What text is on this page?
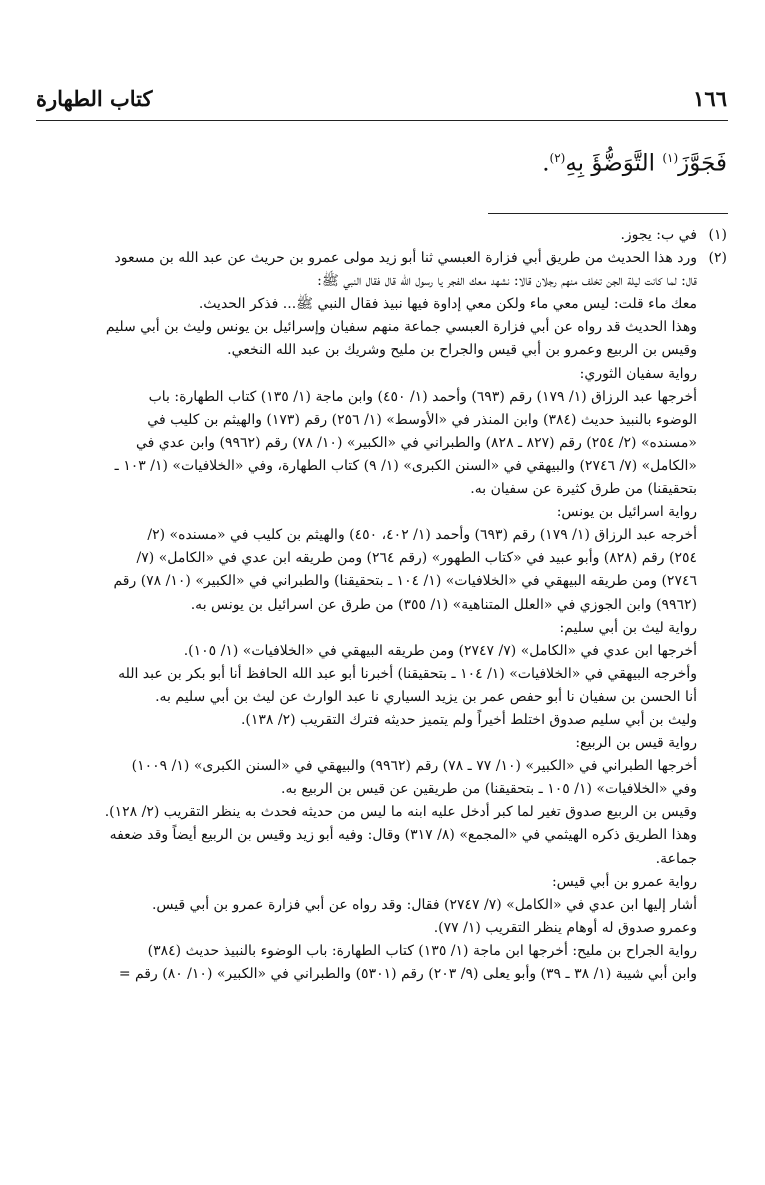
كتاب الطهارة	١٦٦
فَجَوَّزَ$^{(١)}$ التَّوَضُّؤَ بِهِ$^{(٢)}$.
(١)
في ب: يجوز.
(٢)
ورد هذا الحديث من طريق أبي فزارة العبسي ثنا أبو زيد مولى عمرو بن حريث عن عبد الله بن مسعود
قال: لما كانت ليلة الجن تخلف منهم رجلان قالا: نشهد معك الفجر يا رسول الله قال فقال النبي ﷺ:
معك ماء قلت: ليس معي ماء ولكن معي إداوة فيها نبيذ فقال النبي ﷺ... فذكر الحديث.
وهذا الحديث قد رواه عن أبي فزارة العبسي جماعة منهم سفيان وإسرائيل بن يونس وليث بن أبي سليم
وقيس بن الربيع وعمرو بن أبي قيس والجراح بن مليح وشريك بن عبد الله النخعي.
رواية سفيان الثوري:
أخرجها عبد الرزاق (١/ ١٧٩) رقم (٦٩٣) وأحمد (١/ ٤٥٠) وابن ماجة (١/ ١٣٥) كتاب الطهارة: باب
الوضوء بالنبيذ حديث (٣٨٤) وابن المنذر في «الأوسط» (١/ ٢٥٦) رقم (١٧٣) والهيثم بن كليب في
«مسنده» (٢/ ٢٥٤) رقم (٨٢٧ ـ ٨٢٨) والطبراني في «الكبير» (١٠/ ٧٨) رقم (٩٩٦٢) وابن عدي في
«الكامل» (٧/ ٢٧٤٦) والبيهقي في «السنن الكبرى» (١/ ٩) كتاب الطهارة، وفي «الخلافيات» (١/ ١٠٣ ـ
بتحقيقنا) من طرق كثيرة عن سفيان به.
رواية اسرائيل بن يونس:
أخرجه عبد الرزاق (١/ ١٧٩) رقم (٦٩٣) وأحمد (١/ ٤٠٢، ٤٥٠) والهيثم بن كليب في «مسنده» (٢/
٢٥٤) رقم (٨٢٨) وأبو عبيد في «كتاب الطهور» (رقم ٢٦٤) ومن طريقه ابن عدي في «الكامل» (٧/
٢٧٤٦) ومن طريقه البيهقي في «الخلافيات» (١/ ١٠٤ ـ بتحقيقنا) والطبراني في «الكبير» (١٠/ ٧٨) رقم
(٩٩٦٢) وابن الجوزي في «العلل المتناهية» (١/ ٣٥٥) من طرق عن اسرائيل بن يونس به.
رواية ليث بن أبي سليم:
أخرجها ابن عدي في «الكامل» (٧/ ٢٧٤٧) ومن طريقه البيهقي في «الخلافيات» (١/ ١٠٥).
وأخرجه البيهقي في «الخلافيات» (١/ ١٠٤ ـ بتحقيقنا) أخبرنا أبو عبد الله الحافظ أنا أبو بكر بن عبد الله
أنا الحسن بن سفيان نا أبو حفص عمر بن يزيد السياري نا عبد الوارث عن ليث بن أبي سليم به.
وليث بن أبي سليم صدوق اختلط أخيراً ولم يتميز حديثه فترك التقريب (٢/ ١٣٨).
رواية قيس بن الربيع:
أخرجها الطبراني في «الكبير» (١٠/ ٧٧ ـ ٧٨) رقم (٩٩٦٢) والبيهقي في «السنن الكبرى» (١/ ١٠٠٩)
وفي «الخلافيات» (١/ ١٠٥ ـ بتحقيقنا) من طريقين عن قيس بن الربيع به.
وقيس بن الربيع صدوق تغير لما كبر أدخل عليه ابنه ما ليس من حديثه فحدث به ينظر التقريب (٢/ ١٢٨).
وهذا الطريق ذكره الهيثمي في «المجمع» (٨/ ٣١٧) وقال: وفيه أبو زيد وقيس بن الربيع أيضاً وقد ضعفه
جماعة.
رواية عمرو بن أبي قيس:
أشار إليها ابن عدي في «الكامل» (٧/ ٢٧٤٧) فقال: وقد رواه عن أبي فزارة عمرو بن أبي قيس.
وعمرو صدوق له أوهام ينظر التقريب (١/ ٧٧).
رواية الجراح بن مليح: أخرجها ابن ماجة (١/ ١٣٥) كتاب الطهارة: باب الوضوء بالنبيذ حديث (٣٨٤)
وابن أبي شيبة (١/ ٣٨ ـ ٣٩) وأبو يعلى (٩/ ٢٠٣) رقم (٥٣٠١) والطبراني في «الكبير» (١٠/ ٨٠) رقم =
